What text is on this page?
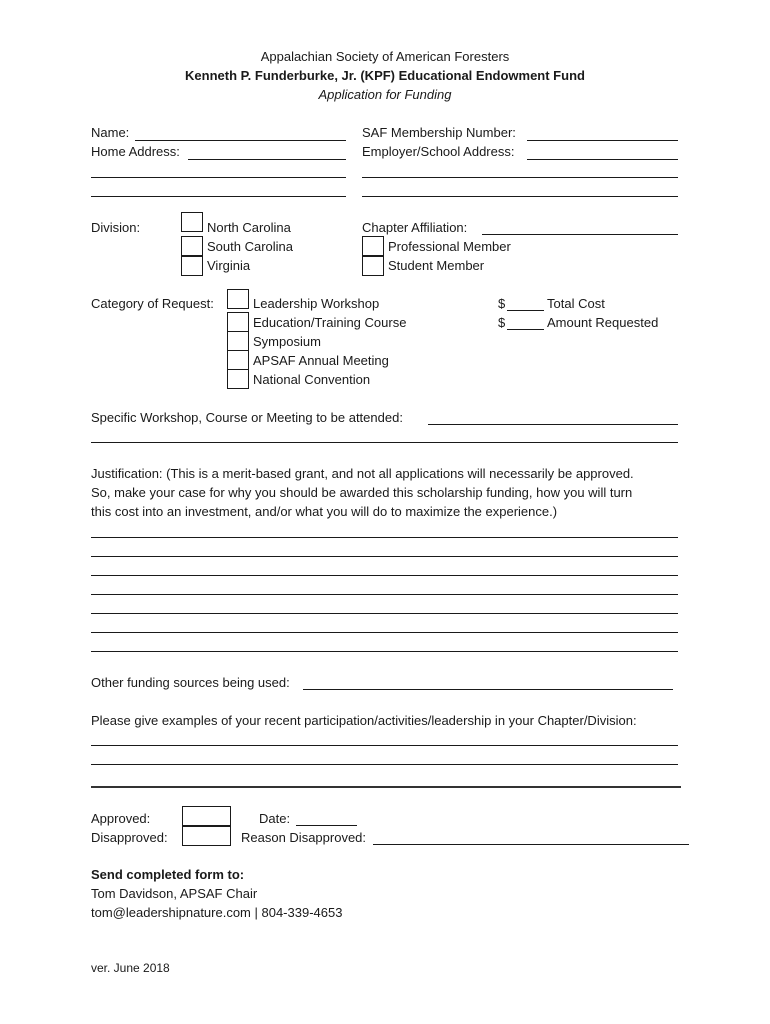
Appalachian Society of American Foresters
Kenneth P. Funderburke, Jr. (KPF) Educational Endowment Fund
Application for Funding
Name:
Home Address:
SAF Membership Number:
Employer/School Address:
Division:	North Carolina
South Carolina
Virginia
Chapter Affiliation:
Professional Member
Student Member
Category of Request:	Leadership Workshop
Education/Training Course
Symposium
APSAF Annual Meeting
National Convention
$	Total Cost
$	Amount Requested
Specific Workshop, Course or Meeting to be attended:
Justification: (This is a merit-based grant, and not all applications will necessarily be approved.
So, make your case for why you should be awarded this scholarship funding, how you will turn
this cost into an investment, and/or what you will do to maximize the experience.)
Other funding sources being used:
Please give examples of your recent participation/activities/leadership in your Chapter/Division:
Approved:
Disapproved:
Date:
Reason Disapproved:
Send completed form to:
Tom Davidson, APSAF Chair
tom@leadershipnature.com | 804-339-4653
ver. June 2018
